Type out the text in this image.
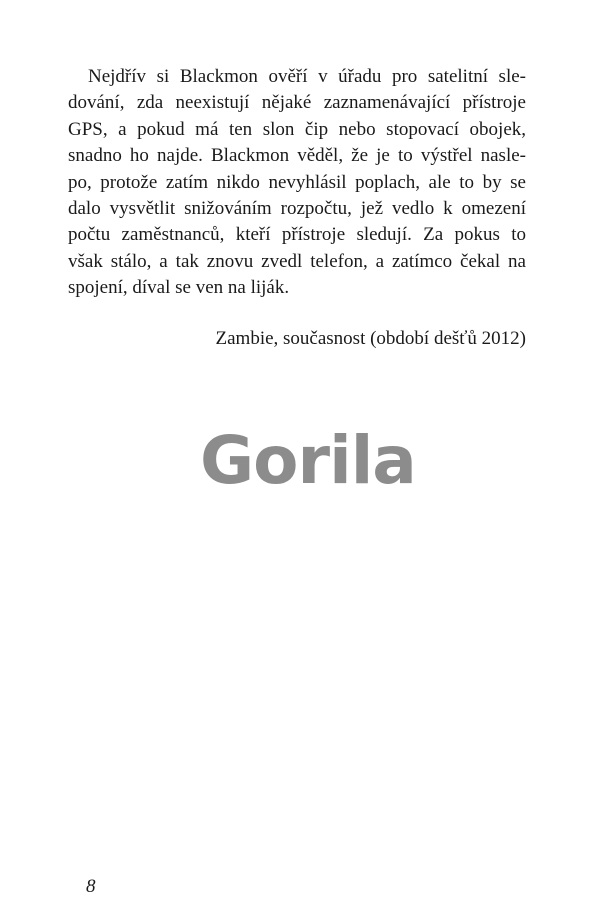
Nejdřív si Blackmon ověří v úřadu pro satelitní sle-
dování, zda neexistují nějaké zaznamenávající přístroje
GPS, a pokud má ten slon čip nebo stopovací obojek,
snadno ho najde. Blackmon věděl, že je to výstřel nasle-
po, protože zatím nikdo nevyhlásil poplach, ale to by se
dalo vysvětlit snižováním rozpočtu, jež vedlo k omezení
počtu zaměstnanců, kteří přístroje sledují. Za pokus to
však stálo, a tak znovu zvedl telefon, a zatímco čekal na
spojení, díval se ven na liják.
Zambie, současnost (období dešťů 2012)
Gorila
8
